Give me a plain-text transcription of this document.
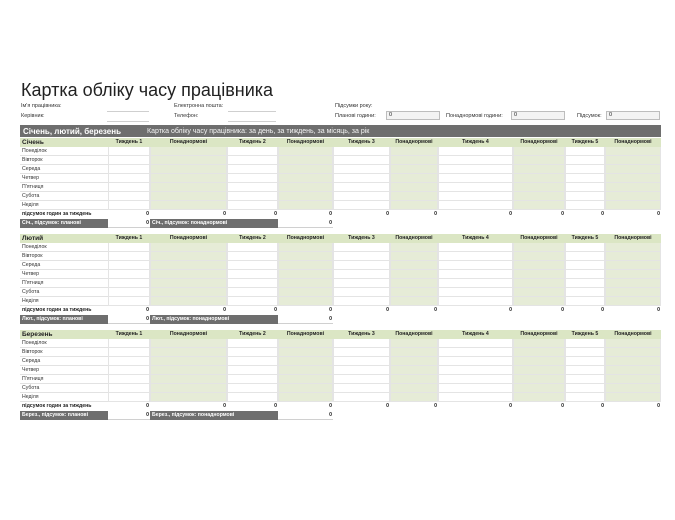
Картка обліку часу працівника
Ім'я працівника:
Керівник:
Електронна пошта:
Телефон:
Підсумки року:
Планові години:	0	Понаднормові години:	0	Підсумок:	0
Січень, лютий, березень	Картка обліку часу працівника: за день, за тиждень, за місяць, за рік
Січень	Тиждень 1	Понаднормові	Тиждень 2	Понаднормові	Тиждень 3	Понаднормові	Тиждень 4	Понаднормові	Тиждень 5	Понаднормові
Понеділок
Вівторок
Середа
Четвер
П'ятниця
Субота
Неділя
підсумок годин за тиждень	0	0	0	0	0	0	0	0	0	0
Січ., підсумок: планові	0 Січ., підсумок: понаднормові	0
Лютий	Тиждень 1	Понаднормові	Тиждень 2	Понаднормові	Тиждень 3	Понаднормові	Тиждень 4	Понаднормові	Тиждень 5	Понаднормові
Понеділок
Вівторок
Середа
Четвер
П'ятниця
Субота
Неділя
підсумок годин за тиждень	0	0	0	0	0	0	0	0	0	0
Лют., підсумок: планові	0 Лют., підсумок: понаднормові	0
Березень	Тиждень 1	Понаднормові	Тиждень 2	Понаднормові	Тиждень 3	Понаднормові	Тиждень 4	Понаднормові	Тиждень 5	Понаднормові
Понеділок
Вівторок
Середа
Четвер
П'ятниця
Субота
Неділя
підсумок годин за тиждень	0	0	0	0	0	0	0	0	0	0
Берез., підсумок: планові	0 Берез., підсумок: понаднормові	0
